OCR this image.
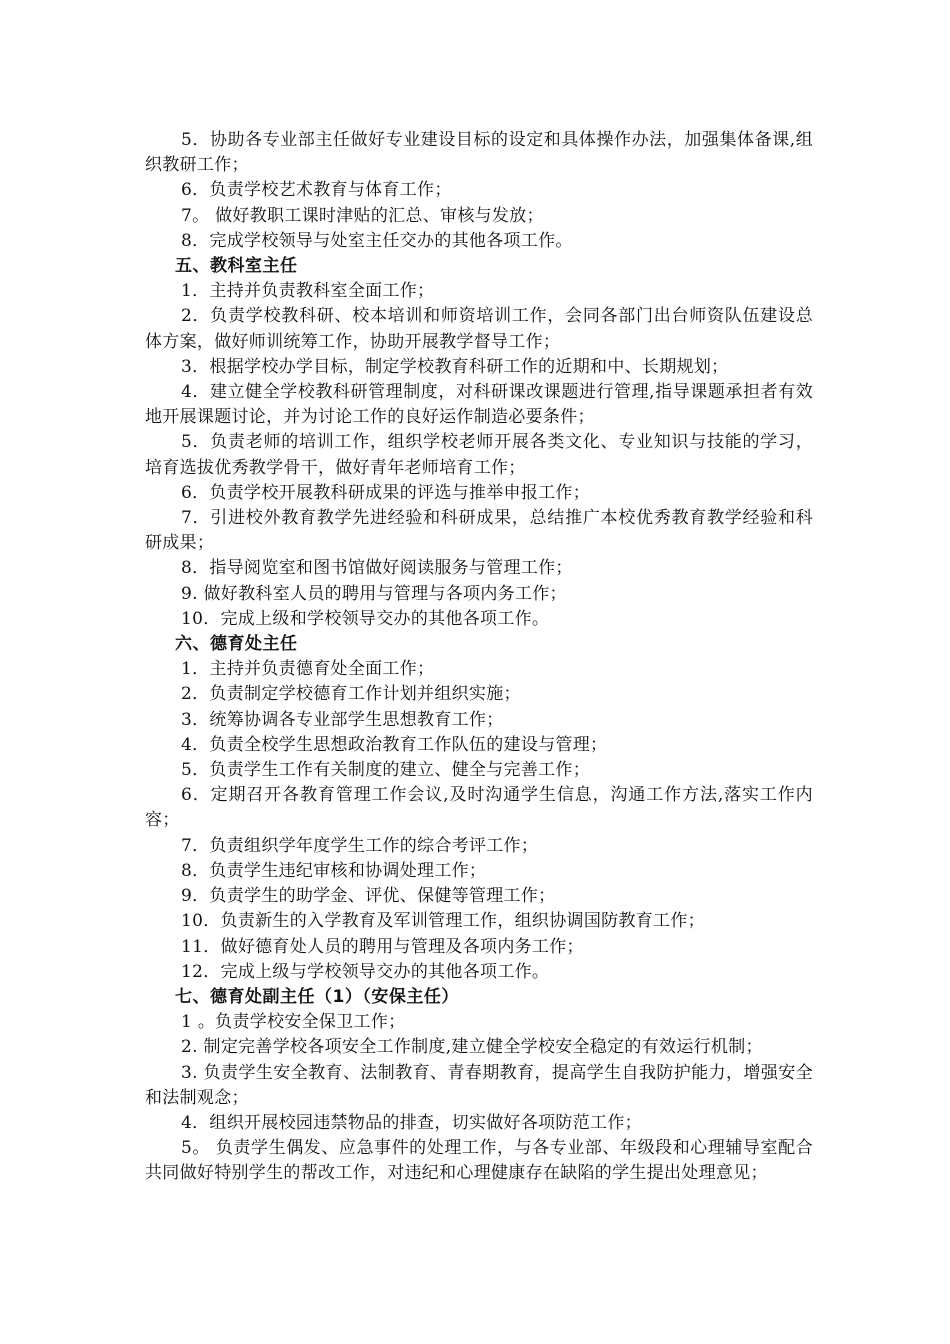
5．协助各专业部主任做好专业建设目标的设定和具体操作办法，加强集体备课,组织教研工作；

6．负责学校艺术教育与体育工作；

7。 做好教职工课时津贴的汇总、审核与发放；

8．完成学校领导与处室主任交办的其他各项工作。

五、教科室主任

1．主持并负责教科室全面工作；

2．负责学校教科研、校本培训和师资培训工作，会同各部门出台师资队伍建设总体方案，做好师训统筹工作，协助开展教学督导工作；

3．根据学校办学目标，制定学校教育科研工作的近期和中、长期规划；

4．建立健全学校教科研管理制度，对科研课改课题进行管理,指导课题承担者有效地开展课题讨论，并为讨论工作的良好运作制造必要条件；

5．负责老师的培训工作，组织学校老师开展各类文化、专业知识与技能的学习，培育选拔优秀教学骨干，做好青年老师培育工作；

6．负责学校开展教科研成果的评选与推举申报工作；

7．引进校外教育教学先进经验和科研成果，总结推广本校优秀教育教学经验和科研成果；

8．指导阅览室和图书馆做好阅读服务与管理工作；

9. 做好教科室人员的聘用与管理与各项内务工作；

10．完成上级和学校领导交办的其他各项工作。

六、德育处主任

1．主持并负责德育处全面工作；

2．负责制定学校德育工作计划并组织实施；

3．统筹协调各专业部学生思想教育工作；

4．负责全校学生思想政治教育工作队伍的建设与管理；

5．负责学生工作有关制度的建立、健全与完善工作；

6．定期召开各教育管理工作会议,及时沟通学生信息，沟通工作方法,落实工作内容；

7．负责组织学年度学生工作的综合考评工作；

8．负责学生违纪审核和协调处理工作；

9．负责学生的助学金、评优、保健等管理工作；

10．负责新生的入学教育及军训管理工作，组织协调国防教育工作；

11．做好德育处人员的聘用与管理及各项内务工作；

12．完成上级与学校领导交办的其他各项工作。

七、德育处副主任（1）（安保主任）

1 。负责学校安全保卫工作；

2. 制定完善学校各项安全工作制度,建立健全学校安全稳定的有效运行机制；

3. 负责学生安全教育、法制教育、青春期教育，提高学生自我防护能力，增强安全和法制观念；

4．组织开展校园违禁物品的排查，切实做好各项防范工作；

5。 负责学生偶发、应急事件的处理工作，与各专业部、年级段和心理辅导室配合共同做好特别学生的帮改工作，对违纪和心理健康存在缺陷的学生提出处理意见；
